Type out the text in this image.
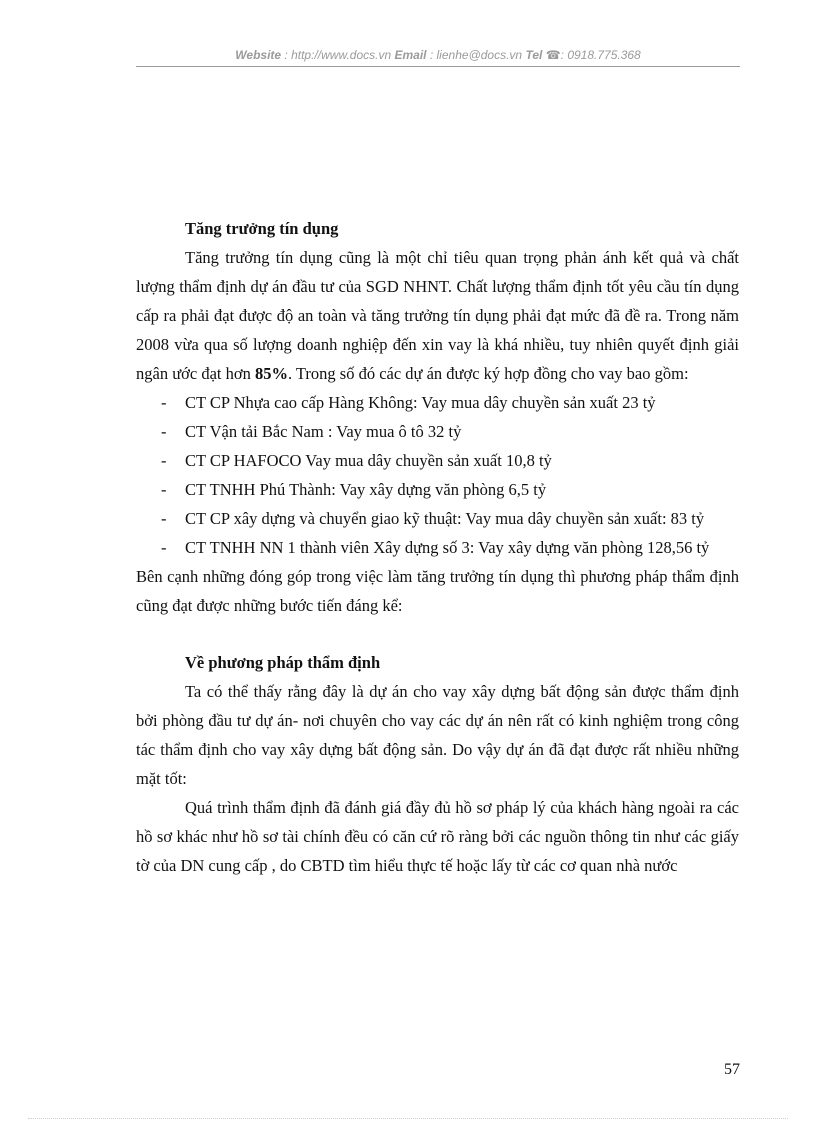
Website : http://www.docs.vn Email : lienhe@docs.vn Tel ☎: 0918.775.368

Tăng trưởng tín dụng

Tăng trưởng tín dụng cũng là một chỉ tiêu quan trọng phản ánh kết quả và chất lượng thẩm định dự án đầu tư của SGD NHNT. Chất lượng thẩm định tốt yêu cầu tín dụng cấp ra phải đạt được độ an toàn và tăng trưởng tín dụng phải đạt mức đã đề ra. Trong năm 2008 vừa qua số lượng doanh nghiệp đến xin vay là khá nhiều, tuy nhiên quyết định giải ngân ước đạt hơn 85%. Trong số đó các dự án được ký hợp đồng cho vay bao gồm:

- CT CP Nhựa cao cấp Hàng Không: Vay mua dây chuyền sản xuất 23 tỷ
- CT Vận tải Bắc Nam : Vay mua ô tô 32 tỷ
- CT CP HAFOCO Vay mua dây chuyền sản xuất 10,8 tỷ
- CT TNHH Phú Thành: Vay xây dựng văn phòng 6,5 tỷ
- CT CP xây dựng và chuyển giao kỹ thuật: Vay mua dây chuyền sản xuất: 83 tỷ
- CT TNHH NN 1 thành viên Xây dựng số 3: Vay xây dựng văn phòng 128,56 tỷ

Bên cạnh những đóng góp trong việc làm tăng trưởng tín dụng thì phương pháp thẩm định cũng đạt được những bước tiến đáng kể:

Về phương pháp thẩm định

Ta có thể thấy rằng đây là dự án cho vay xây dựng bất động sản được thẩm định bởi phòng đầu tư dự án- nơi chuyên cho vay các dự án nên rất có kinh nghiệm trong công tác thẩm định cho vay xây dựng bất động sản. Do vậy dự án đã đạt được rất nhiều những mặt tốt:

Quá trình thẩm định đã đánh giá đầy đủ hồ sơ pháp lý của khách hàng ngoài ra các hồ sơ khác như hồ sơ tài chính đều có căn cứ rõ ràng bởi các nguồn thông tin như các giấy tờ của DN cung cấp , do CBTD tìm hiểu thực tế hoặc lấy từ các cơ quan nhà nước

57
